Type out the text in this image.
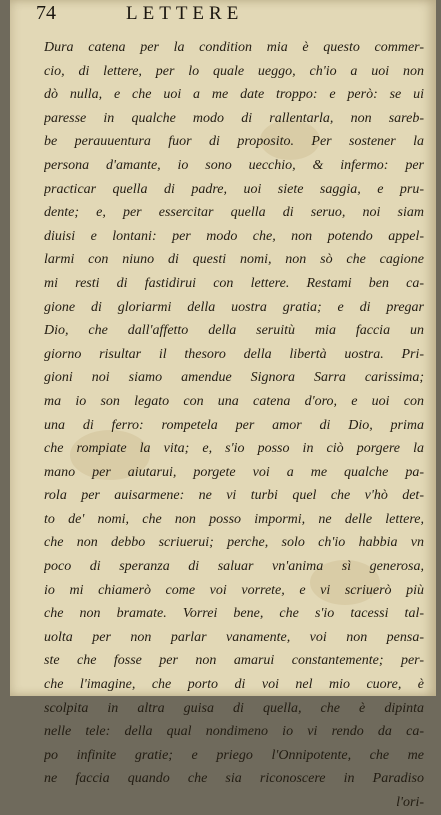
74	LETTERE
Dura catena per la condition mia è questo commer-
cio, di lettere, per lo quale ueggo, ch'io a uoi non
dò nulla, e che uoi a me date troppo: e però: se ui
paresse in qualche modo di rallentarla, non sareb-
be perauuentura fuor di proposito. Per sostener la
persona d'amante, io sono uecchio, & infermo: per
practicar quella di padre, uoi siete saggia, e pru-
dente; e, per essercitar quella di seruo, noi siam
diuisi e lontani: per modo che, non potendo appel-
larmi con niuno di questi nomi, non sò che cagione
mi resti di fastidirui con lettere. Restami ben ca-
gione di gloriarmi della uostra gratia; e di pregar
Dio, che dall'affetto della seruitù mia faccia un
giorno risultar il thesoro della libertà uostra. Pri-
gioni noi siamo amendue Signora Sarra carissima;
ma io son legato con una catena d'oro, e uoi con
una di ferro: rompetela per amor di Dio, prima
che rompiate la vita; e, s'io posso in ciò porgere la
mano per aiutarui, porgete voi a me qualche pa-
rola per auisarmene: ne vi turbi quel che v'hò det-
to de' nomi, che non posso impormi, ne delle lettere,
che non debbo scriuerui; perche, solo ch'io habbia vn
poco di speranza di saluar vn'anima sì generosa,
io mi chiamerò come voi vorrete, e vi scriuerò più
che non bramate. Vorrei bene, che s'io tacessi tal-
uolta per non parlar vanamente, voi non pensa-
ste che fosse per non amarui constantemente; per-
che l'imagine, che porto di voi nel mio cuore, è
scolpita in altra guisa di quella, che è dipinta
nelle tele: della qual nondimeno io vi rendo da ca-
po infinite gratie; e priego l'Onnipotente, che me
ne faccia quando che sia riconoscere in Paradiso
l'ori-
